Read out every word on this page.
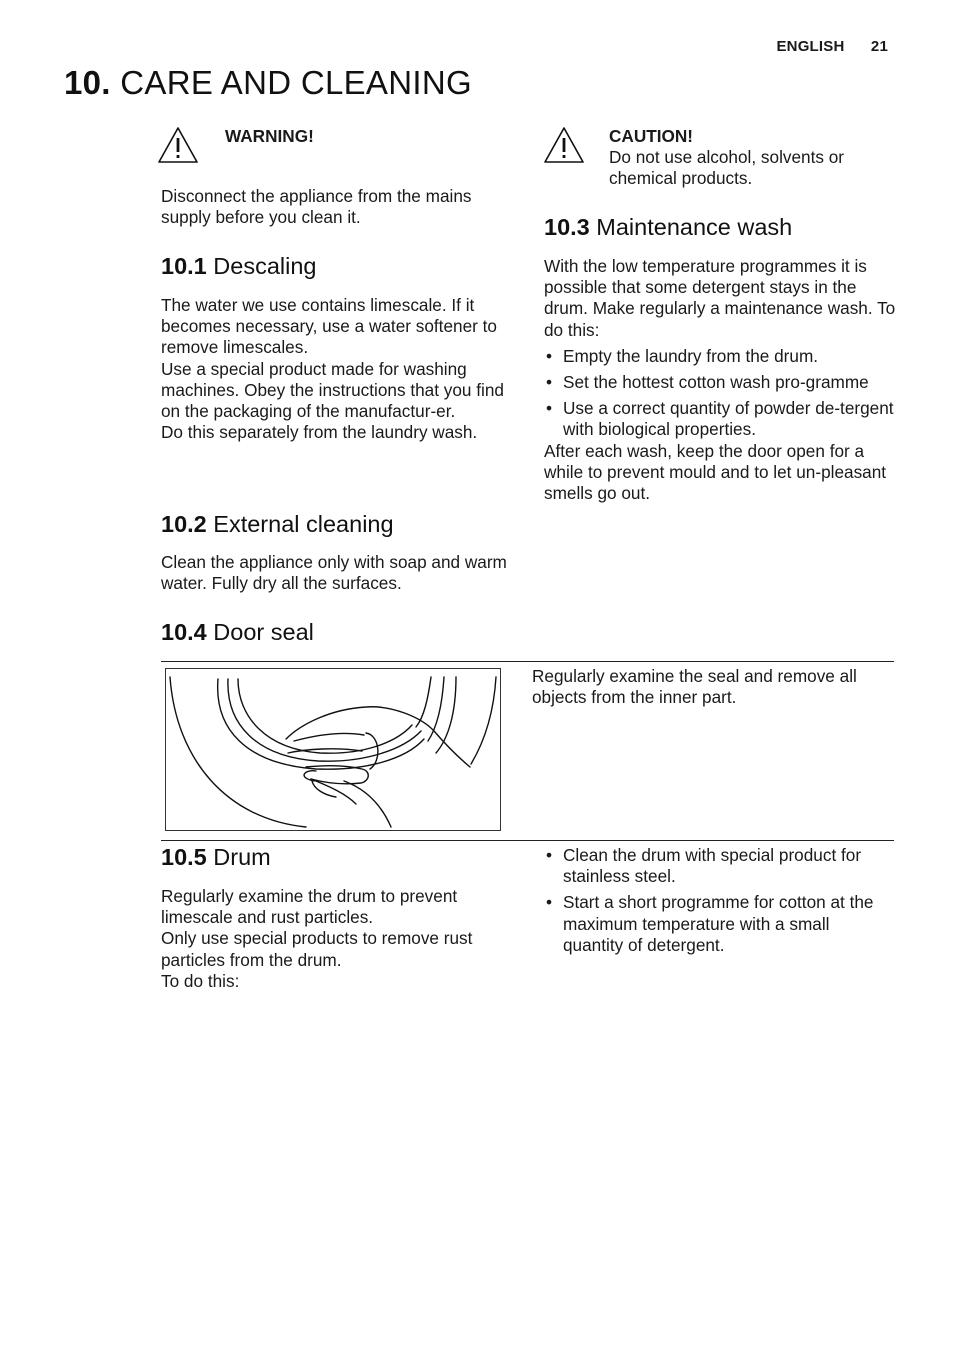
ENGLISH 21
10. CARE AND CLEANING
WARNING!
Disconnect the appliance from the mains supply before you clean it.
CAUTION!
Do not use alcohol, solvents or chemical products.
10.1 Descaling

The water we use contains limescale. If it becomes necessary, use a water softener to remove limescales.

Use a special product made for washing machines. Obey the instructions that you find on the packaging of the manufactur-er.

Do this separately from the laundry wash.

10.2 External cleaning
Clean the appliance only with soap and warm water. Fully dry all the surfaces.
10.3 Maintenance wash

With the low temperature programmes it is possible that some detergent stays in the drum. Make regularly a maintenance wash. To do this:

• Empty the laundry from the drum.
• Set the hottest cotton wash pro-gramme
• Use a correct quantity of powder de-tergent with biological properties.

After each wash, keep the door open for a while to prevent mould and to let un-pleasant smells go out.

10.4 Door seal
Regularly examine the seal and remove all objects from the inner part.
10.5 Drum

Regularly examine the drum to prevent limescale and rust particles.

Only use special products to remove rust particles from the drum.

To do this:

• Clean the drum with special product for stainless steel.
• Start a short programme for cotton at the maximum temperature with a small quantity of detergent.
